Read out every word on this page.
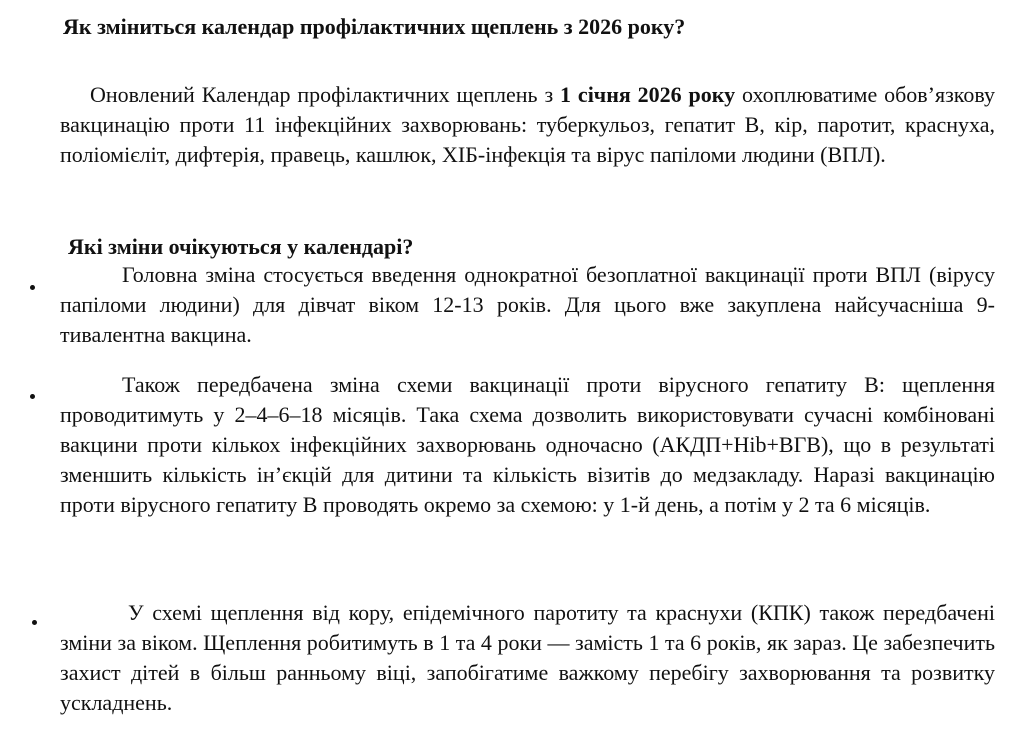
Як зміниться календар профілактичних щеплень з 2026 року?
Оновлений Календар профілактичних щеплень з 1 січня 2026 року охоплюватиме обов’язкову вакцинацію проти 11 інфекційних захворювань: туберкульоз, гепатит В, кір, паротит, краснуха, поліомієліт, дифтерія, правець, кашлюк, ХІБ-інфекція та вірус папіломи людини (ВПЛ).
Які зміни очікуються у календарі?
Головна зміна стосується введення однократної безоплатної вакцинації проти ВПЛ (вірусу папіломи людини) для дівчат віком 12-13 років. Для цього вже закуплена найсучасніша 9-тивалентна вакцина.
Також передбачена зміна схеми вакцинації проти вірусного гепатиту В: щеплення проводитимуть у 2–4–6–18 місяців. Така схема дозволить використовувати сучасні комбіновані вакцини проти кількох інфекційних захворювань одночасно (АКДП+Hib+ВГВ), що в результаті зменшить кількість ін’єкцій для дитини та кількість візитів до медзакладу. Наразі вакцинацію проти вірусного гепатиту В проводять окремо за схемою: у 1-й день, а потім у 2 та 6 місяців.
У схемі щеплення від кору, епідемічного паротиту та краснухи (КПК) також передбачені зміни за віком. Щеплення робитимуть в 1 та 4 роки — замість 1 та 6 років, як зараз. Це забезпечить захист дітей в більш ранньому віці, запобігатиме важкому перебігу захворювання та розвитку ускладнень.
